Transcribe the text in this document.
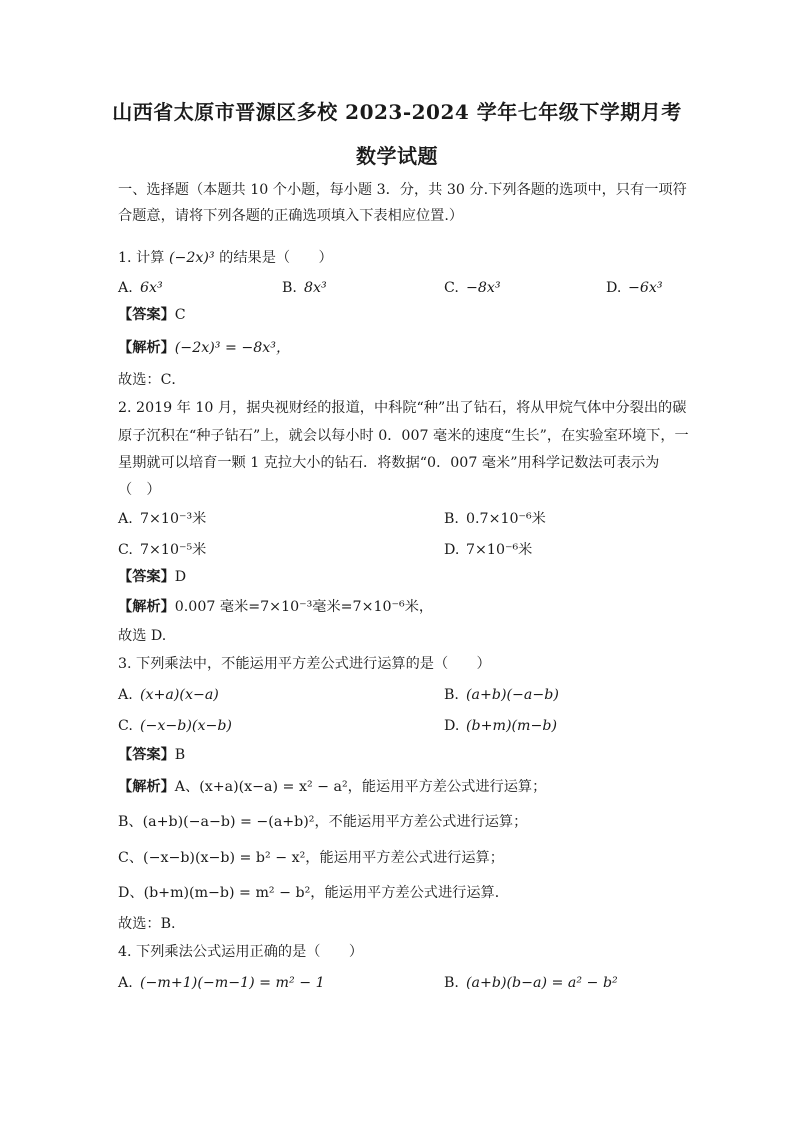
山西省太原市晋源区多校 2023-2024 学年七年级下学期月考
数学试题
一、选择题（本题共 10 个小题，每小题 3．分，共 30 分.下列各题的选项中，只有一项符
合题意，请将下列各题的正确选项填入下表相应位置.）
1. 计算 (−2x)³ 的结果是（　　）
A. 6x³	B. 8x³	C. −8x³	D. −6x³
【答案】C
【解析】(−2x)³ = −8x³，
故选：C．
2. 2019 年 10 月，据央视财经的报道，中科院“种”出了钻石，将从甲烷气体中分裂出的碳
原子沉积在“种子钻石”上，就会以每小时 0．007 毫米的速度“生长”，在实验室环境下，一
星期就可以培育一颗 1 克拉大小的钻石．将数据“0．007 毫米”用科学记数法可表示为
（　）
A. 7×10⁻³米	B. 0.7×10⁻⁶米
C. 7×10⁻⁵米	D. 7×10⁻⁶米
【答案】D
【解析】0.007 毫米=7×10⁻³毫米=7×10⁻⁶米，
故选 D.
3. 下列乘法中，不能运用平方差公式进行运算的是（　　）
A. (x+a)(x−a)	B. (a+b)(−a−b)
C. (−x−b)(x−b)	D. (b+m)(m−b)
【答案】B
【解析】A、(x+a)(x−a) = x² − a²，能运用平方差公式进行运算；
B、(a+b)(−a−b) = −(a+b)²，不能运用平方差公式进行运算；
C、(−x−b)(x−b) = b² − x²，能运用平方差公式进行运算；
D、(b+m)(m−b) = m² − b²，能运用平方差公式进行运算．
故选：B.
4. 下列乘法公式运用正确的是（　　）
A. (−m+1)(−m−1) = m² − 1	B. (a+b)(b−a) = a² − b²
